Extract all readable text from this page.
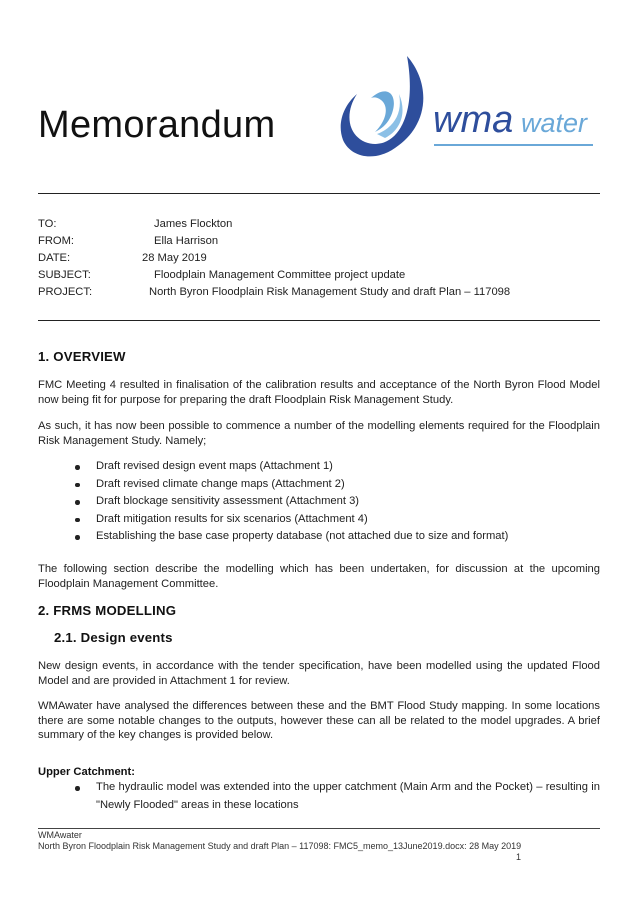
Memorandum	wma water
TO:	James Flockton
FROM:	Ella Harrison
DATE:	28 May 2019
SUBJECT:	Floodplain Management Committee project update
PROJECT:	North Byron Floodplain Risk Management Study and draft Plan – 117098
1. OVERVIEW

FMC Meeting 4 resulted in finalisation of the calibration results and acceptance of the North Byron Flood Model now being fit for purpose for preparing the draft Floodplain Risk Management Study.

As such, it has now been possible to commence a number of the modelling elements required for the Floodplain Risk Management Study. Namely;

Draft revised design event maps (Attachment 1)
Draft revised climate change maps (Attachment 2)
Draft blockage sensitivity assessment (Attachment 3)
Draft mitigation results for six scenarios (Attachment 4)
Establishing the base case property database (not attached due to size and format)

The following section describe the modelling which has been undertaken, for discussion at the upcoming Floodplain Management Committee.

2. FRMS MODELLING
2.1. Design events

New design events, in accordance with the tender specification, have been modelled using the updated Flood Model and are provided in Attachment 1 for review.

WMAwater have analysed the differences between these and the BMT Flood Study mapping. In some locations there are some notable changes to the outputs, however these can all be related to the model upgrades. A brief summary of the key changes is provided below.

Upper Catchment:
The hydraulic model was extended into the upper catchment (Main Arm and the Pocket) – resulting in "Newly Flooded" areas in these locations
WMAwater
North Byron Floodplain Risk Management Study and draft Plan – 117098: FMC5_memo_13June2019.docx: 28 May 2019
1
